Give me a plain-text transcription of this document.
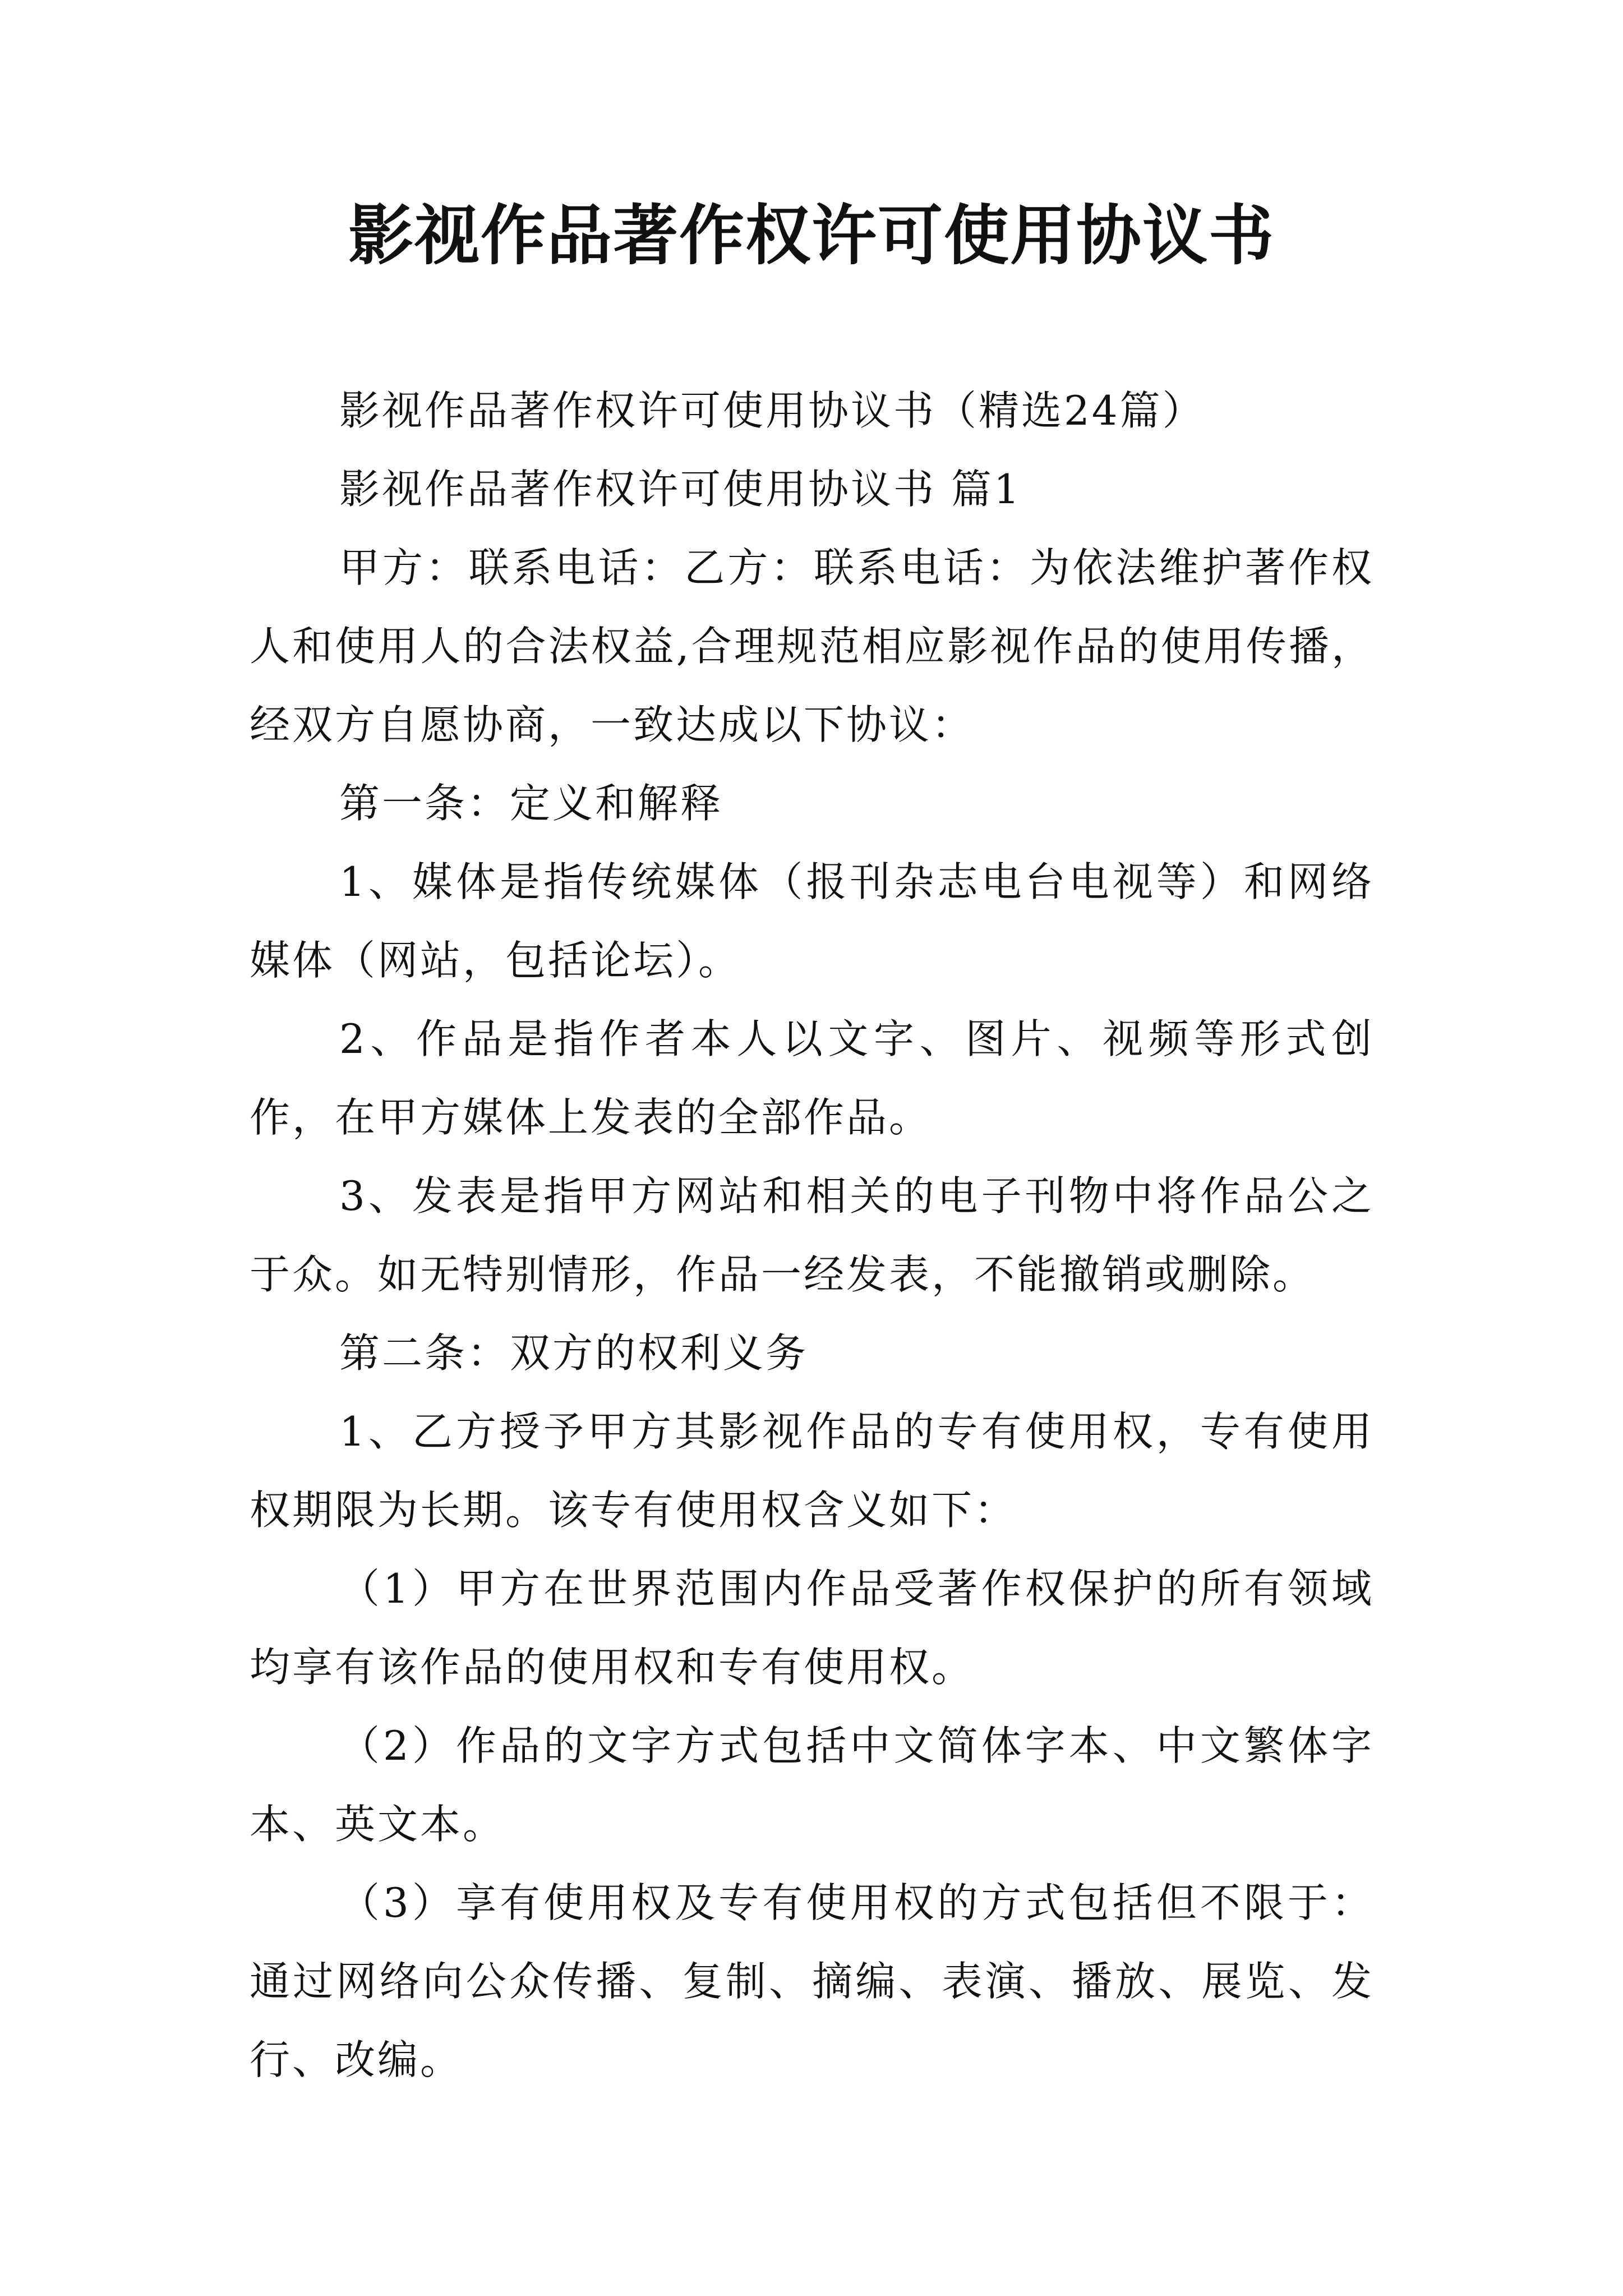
影视作品著作权许可使用协议书

影视作品著作权许可使用协议书（精选24篇）

影视作品著作权许可使用协议书 篇1

甲方：联系电话：乙方：联系电话：为依法维护著作权人和使用人的合法权益,合理规范相应影视作品的使用传播，经双方自愿协商，一致达成以下协议：

第一条：定义和解释

1、媒体是指传统媒体（报刊杂志电台电视等）和网络媒体（网站，包括论坛）。

2、作品是指作者本人以文字、图片、视频等形式创作，在甲方媒体上发表的全部作品。

3、发表是指甲方网站和相关的电子刊物中将作品公之于众。如无特别情形，作品一经发表，不能撤销或删除。

第二条：双方的权利义务

1、乙方授予甲方其影视作品的专有使用权，专有使用权期限为长期。该专有使用权含义如下：

（1）甲方在世界范围内作品受著作权保护的所有领域均享有该作品的使用权和专有使用权。

（2）作品的文字方式包括中文简体字本、中文繁体字本、英文本。

（3）享有使用权及专有使用权的方式包括但不限于：通过网络向公众传播、复制、摘编、表演、播放、展览、发行、改编。
